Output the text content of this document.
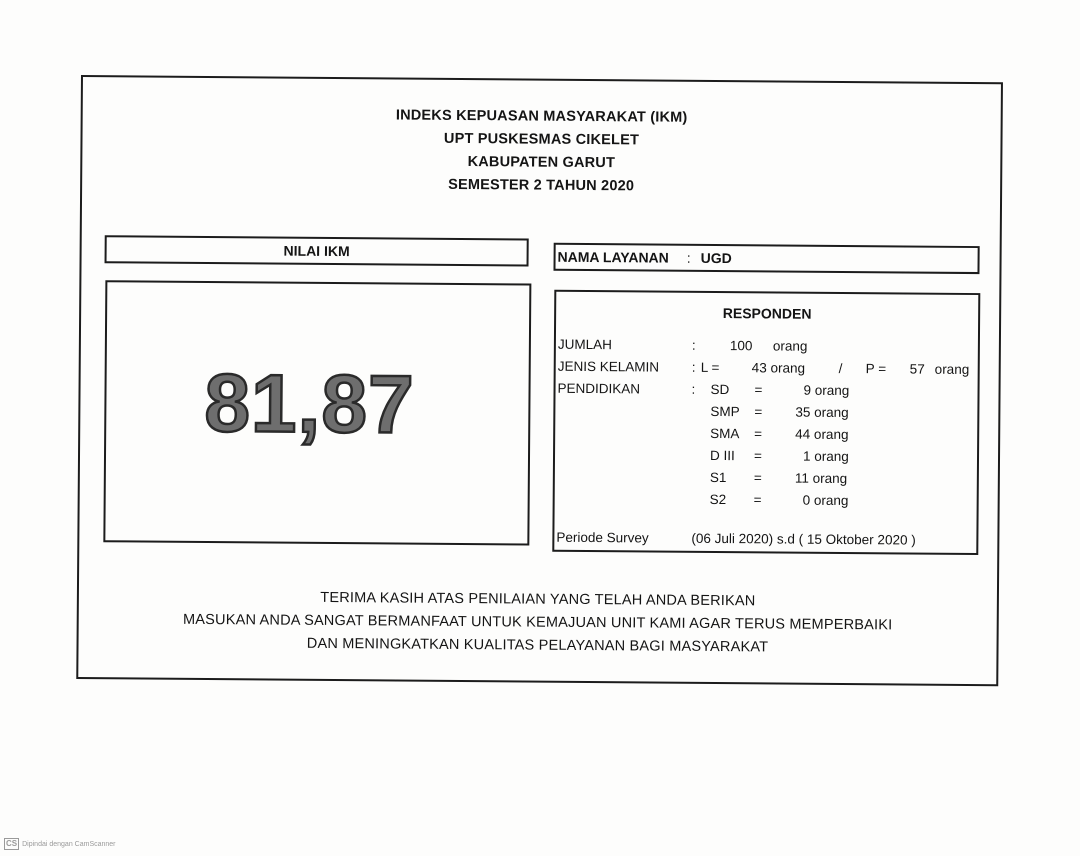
INDEKS KEPUASAN MASYARAKAT (IKM)
UPT PUSKESMAS CIKELET
KABUPATEN GARUT
SEMESTER 2 TAHUN 2020
NILAI IKM	NAMA LAYANAN : UGD
81,87
RESPONDEN
JUMLAH	:	100 orang
JENIS KELAMIN : L = 43 orang / P = 57 orang
PENDIDIKAN	: SD =	9 orang
SMP = 35 orang
SMA = 44 orang
D III =	1 orang
S1 = 11 orang
S2 =	0 orang
Periode Survey	(06 Juli 2020) s.d ( 15 Oktober 2020 )
TERIMA KASIH ATAS PENILAIAN YANG TELAH ANDA BERIKAN
MASUKAN ANDA SANGAT BERMANFAAT UNTUK KEMAJUAN UNIT KAMI AGAR TERUS MEMPERBAIKI
DAN MENINGKATKAN KUALITAS PELAYANAN BAGI MASYARAKAT
CS Dipindai dengan CamScanner
